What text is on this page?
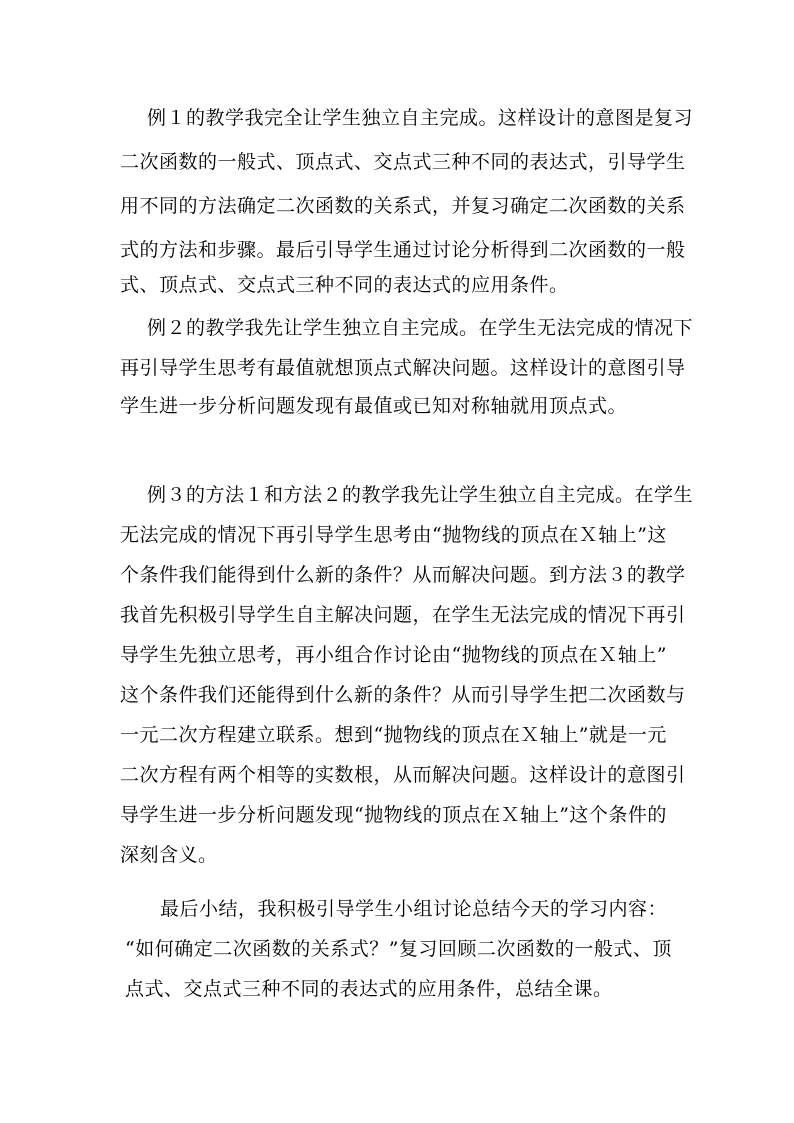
例１的教学我完全让学生独立自主完成。这样设计的意图是复习
二次函数的一般式、顶点式、交点式三种不同的表达式，引导学生
用不同的方法确定二次函数的关系式，并复习确定二次函数的关系
式的方法和步骤。最后引导学生通过讨论分析得到二次函数的一般
式、顶点式、交点式三种不同的表达式的应用条件。
例２的教学我先让学生独立自主完成。在学生无法完成的情况下
再引导学生思考有最值就想顶点式解决问题。这样设计的意图引导
学生进一步分析问题发现有最值或已知对称轴就用顶点式。
例３的方法１和方法２的教学我先让学生独立自主完成。在学生
无法完成的情况下再引导学生思考由“抛物线的顶点在Ｘ轴上”这
个条件我们能得到什么新的条件？从而解决问题。到方法３的教学
我首先积极引导学生自主解决问题，在学生无法完成的情况下再引
导学生先独立思考，再小组合作讨论由“抛物线的顶点在Ｘ轴上”
这个条件我们还能得到什么新的条件？从而引导学生把二次函数与
一元二次方程建立联系。想到“抛物线的顶点在Ｘ轴上”就是一元
二次方程有两个相等的实数根，从而解决问题。这样设计的意图引
导学生进一步分析问题发现“抛物线的顶点在Ｘ轴上”这个条件的
深刻含义。
最后小结，我积极引导学生小组讨论总结今天的学习内容：
“如何确定二次函数的关系式？”复习回顾二次函数的一般式、顶
点式、交点式三种不同的表达式的应用条件，总结全课。
